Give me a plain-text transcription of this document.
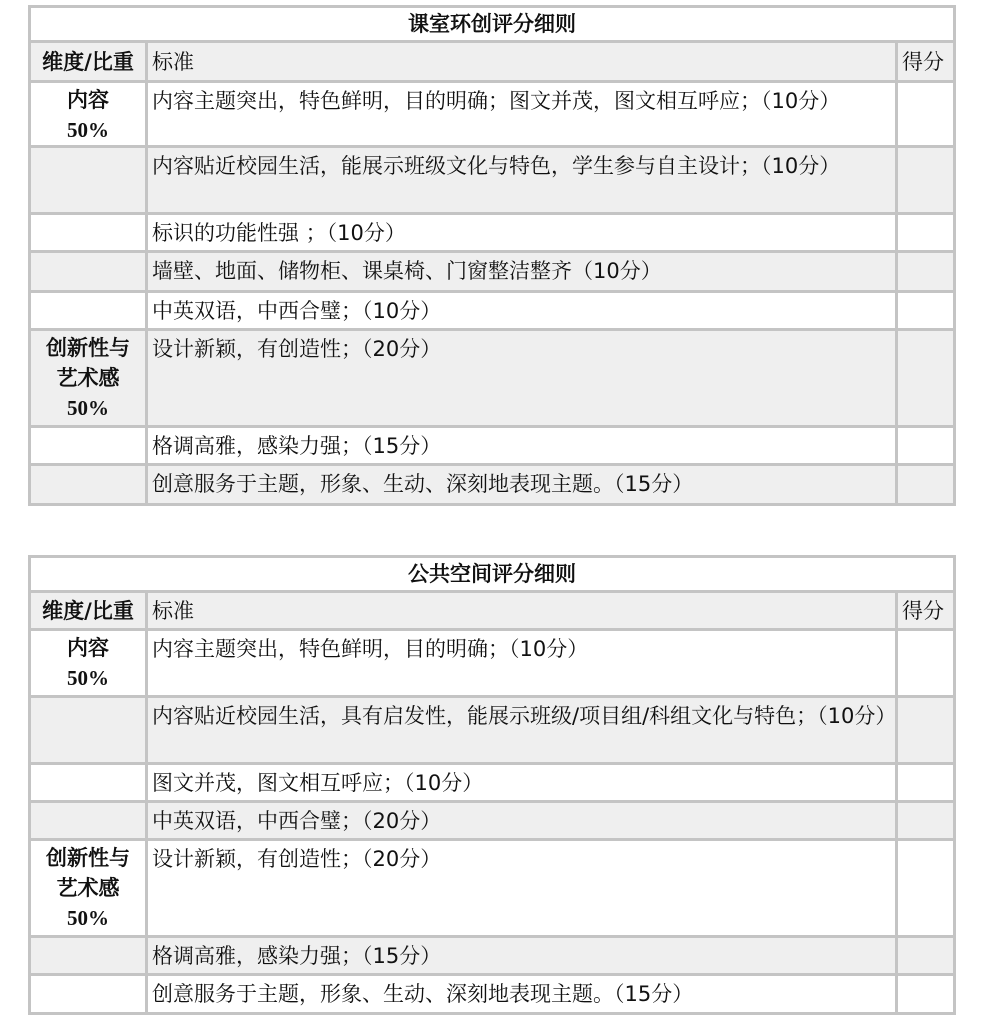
课室环创评分细则		
维度/比重	标准	得分

内容
50%	内容主题突出，特色鲜明，目的明确；图文并茂，图文相互呼应；（10分）	

	内容贴近校园生活，能展示班级文化与特色，学生参与自主设计；（10分）	

	标识的功能性强 ；（10分）	

	墙壁、地面、储物柜、课桌椅、门窗整洁整齐（10分）	

	中英双语，中西合璧；（10分）	

创新性与艺术感
50%	设计新颖，有创造性；（20分）	

	格调高雅，感染力强；（15分）	

	创意服务于主题，形象、生动、深刻地表现主题。（15分）	
公共空间评分细则		
维度/比重	标准	得分

内容
50%	内容主题突出，特色鲜明，目的明确；（10分）	

	内容贴近校园生活，具有启发性，能展示班级/项目组/科组文化与特色；（10分）	

	图文并茂，图文相互呼应；（10分）	

	中英双语，中西合璧；（20分）	

创新性与艺术感
50%	设计新颖，有创造性；（20分）	

	格调高雅，感染力强；（15分）	

	创意服务于主题，形象、生动、深刻地表现主题。（15分）	
